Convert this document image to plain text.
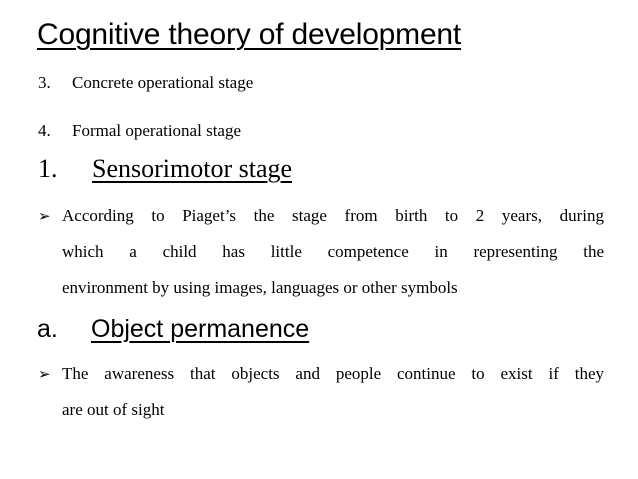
Cognitive theory of development
3. Concrete operational stage
4. Formal operational stage
1. Sensorimotor stage
➢ According to Piaget’s the stage from birth to 2 years, during
which a child has little competence in representing the
environment by using images, languages or other symbols
a. Object permanence
➢ The awareness that objects and people continue to exist if they
are out of sight
